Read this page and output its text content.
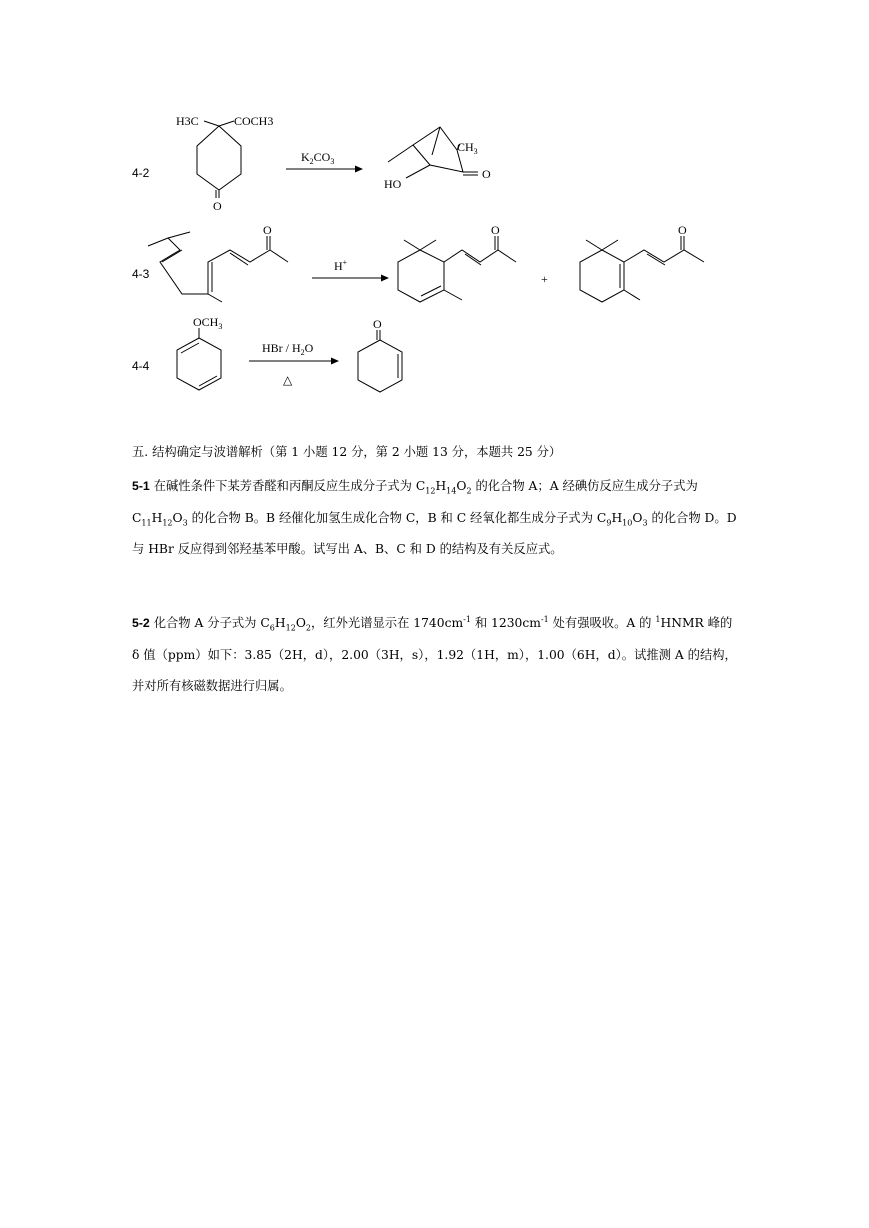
4-2
H3C	COCH3
O
$K_2CO_3$
$CH_3$
HO
O
4-3
O
H+
O
+
O
4-4
$OCH_3$
HBr / $H_2O$
△
O

五. 结构确定与波谱解析（第 1 小题 12 分，第 2 小题 13 分，本题共 25 分）

5-1 在碱性条件下某芳香醛和丙酮反应生成分子式为 $C_{12}H_{14}O_2$ 的化合物 A；A 经碘仿反应生成分子式为 $C_{11}H_{12}O_3$ 的化合物 B。B 经催化加氢生成化合物 C，B 和 C 经氧化都生成分子式为 $C_9H_{10}O_3$ 的化合物 D。D 与 HBr 反应得到邻羟基苯甲酸。试写出 A、B、C 和 D 的结构及有关反应式。

5-2 化合物 A 分子式为 $C_6H_{12}O_2$，红外光谱显示在 $1740cm^{-1}$ 和 $1230cm^{-1}$ 处有强吸收。A 的 $^1$HNMR 峰的 δ 值（ppm）如下：3.85（2H，d），2.00（3H，s），1.92（1H，m），1.00（6H，d）。试推测 A 的结构，并对所有核磁数据进行归属。
